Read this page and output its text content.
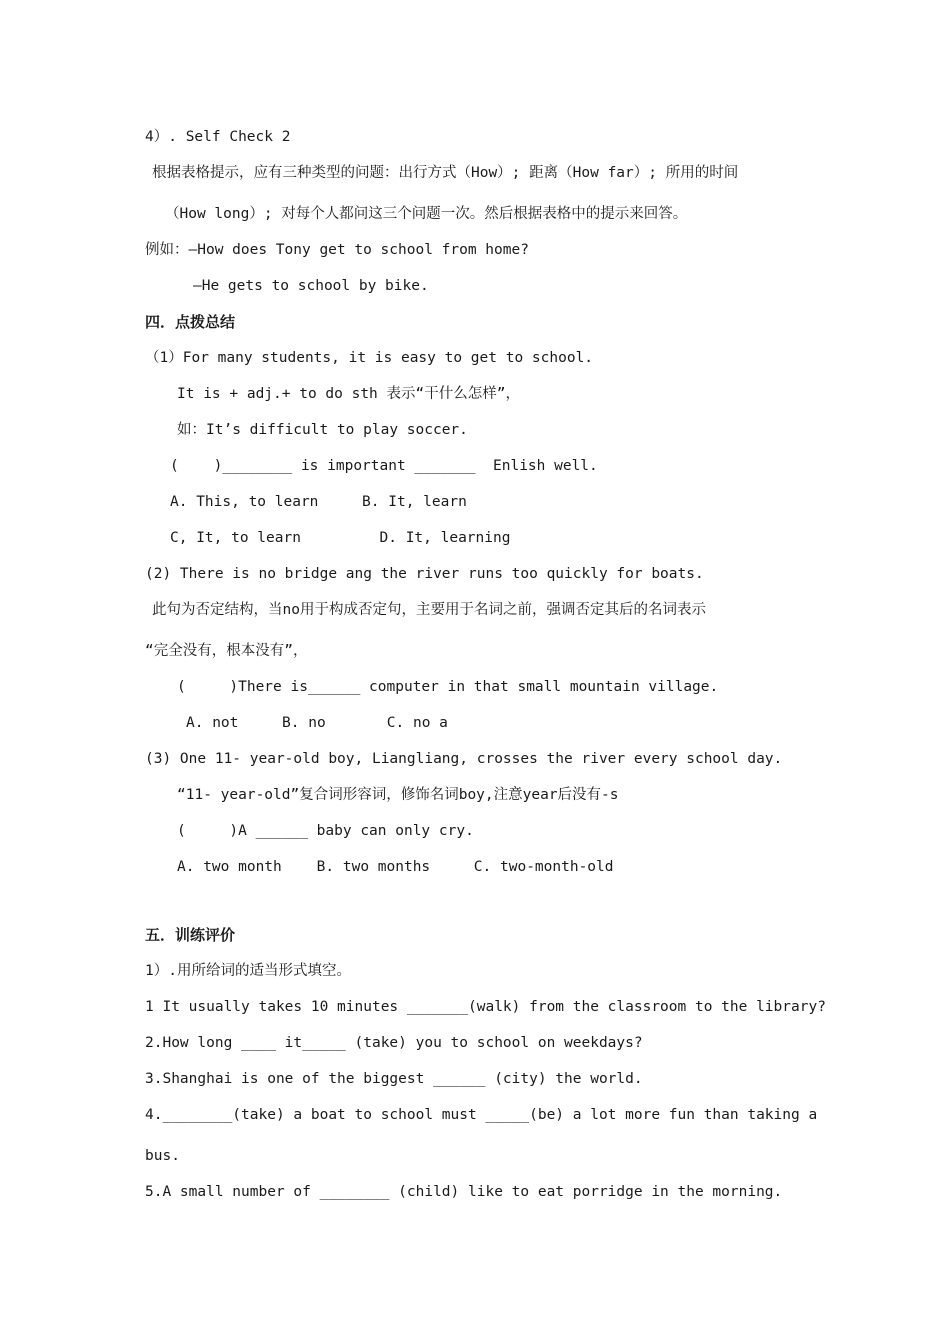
4）. Self Check 2
根据表格提示，应有三种类型的问题：出行方式（How）; 距离（How far）; 所用的时间
（How long）; 对每个人都问这三个问题一次。然后根据表格中的提示来回答。
例如：—How does Tony get to school from home?
—He gets to school by bike.
四．点拨总结
（1）For many students, it is easy to get to school.
It is + adj.+ to do sth 表示“干什么怎样”，
如：It’s difficult to play soccer.
(    )________ is important _______  Enlish well.
A. This, to learn     B. It, learn
C, It, to learn         D. It, learning
(2) There is no bridge ang the river runs too quickly for boats.
此句为否定结构，当no用于构成否定句，主要用于名词之前，强调否定其后的名词表示
“完全没有，根本没有”，
(     )There is______ computer in that small mountain village.
A. not     B. no       C. no a
(3) One 11- year-old boy, Liangliang, crosses the river every school day.
“11- year-old”复合词形容词，修饰名词boy,注意year后没有-s
(     )A ______ baby can only cry.
A. two month    B. two months     C. two-month-old
五．训练评价
1）.用所给词的适当形式填空。
1 It usually takes 10 minutes _______(walk) from the classroom to the library?
2.How long ____ it_____ (take) you to school on weekdays?
3.Shanghai is one of the biggest ______ (city) the world.
4.________(take) a boat to school must _____(be) a lot more fun than taking a
bus.
5.A small number of ________ (child) like to eat porridge in the morning.
